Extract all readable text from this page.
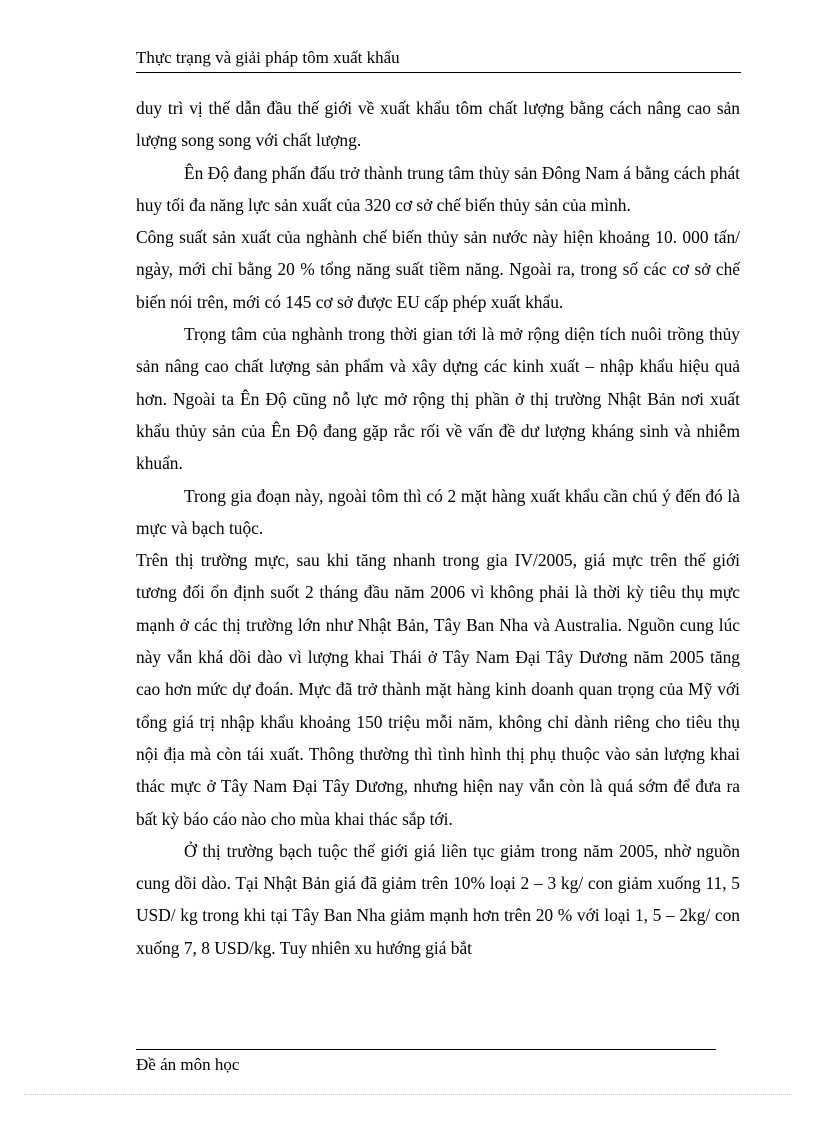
Thực trạng và giải pháp tôm xuất khẩu

duy trì vị thế dẫn đầu thế giới về xuất khẩu tôm chất lượng bằng cách nâng cao sản lượng song song với chất lượng.

Ên Độ đang phấn đấu trở thành trung tâm thủy sản Đông Nam á bằng cách phát huy tối đa năng lực sản xuất của 320 cơ sở chế biến thủy sản của mình.

Công suất sản xuất của nghành chế biến thủy sản nước này hiện khoảng 10. 000 tấn/ ngày, mới chỉ bằng 20 % tổng năng suất tiềm năng. Ngoài ra, trong số các cơ sở chế biến nói trên, mới có 145 cơ sở được EU cấp phép xuất khẩu.

Trọng tâm của nghành trong thời gian tới là mở rộng diện tích nuôi trồng thủy sản nâng cao chất lượng sản phẩm và xây dựng các kinh xuất – nhập khẩu hiệu quả hơn. Ngoài ta Ên Độ cũng nỗ lực mở rộng thị phần ở thị trường Nhật Bản nơi xuất khẩu thủy sản của Ên Độ đang gặp rắc rối về vấn đề dư lượng kháng sinh và nhiễm khuẩn.

Trong gia đoạn này, ngoài tôm thì có 2 mặt hàng xuất khẩu cần chú ý đến đó là mực và bạch tuộc.

Trên thị trường mực, sau khi tăng nhanh trong gia IV/2005, giá mực trên thế giới tương đối ổn định suốt 2 tháng đầu năm 2006 vì không phải là thời kỳ tiêu thụ mực mạnh ở các thị trường lớn như Nhật Bản, Tây Ban Nha và Australia. Nguồn cung lúc này vẫn khá dồi dào vì lượng khai Thái ở Tây Nam Đại Tây Dương năm 2005 tăng cao hơn mức dự đoán. Mực đã trở thành mặt hàng kinh doanh quan trọng của Mỹ với tổng giá trị nhập khẩu khoảng 150 triệu mỗi năm, không chỉ dành riêng cho tiêu thụ nội địa mà còn tái xuất. Thông thường thì tình hình thị phụ thuộc vào sản lượng khai thác mực ở Tây Nam Đại Tây Dương, nhưng hiện nay vẫn còn là quá sớm để đưa ra bất kỳ báo cáo nào cho mùa khai thác sắp tới.

Ở thị trường bạch tuộc thế giới giá liên tục giảm trong năm 2005, nhờ nguồn cung dồi dào. Tại Nhật Bản giá đã giảm trên 10% loại 2 – 3 kg/ con giảm xuống 11, 5 USD/ kg trong khi tại Tây Ban Nha giảm mạnh hơn trên 20 % với loại 1, 5 – 2kg/ con xuống 7, 8 USD/kg. Tuy nhiên xu hướng giá bắt

Đề án môn học
